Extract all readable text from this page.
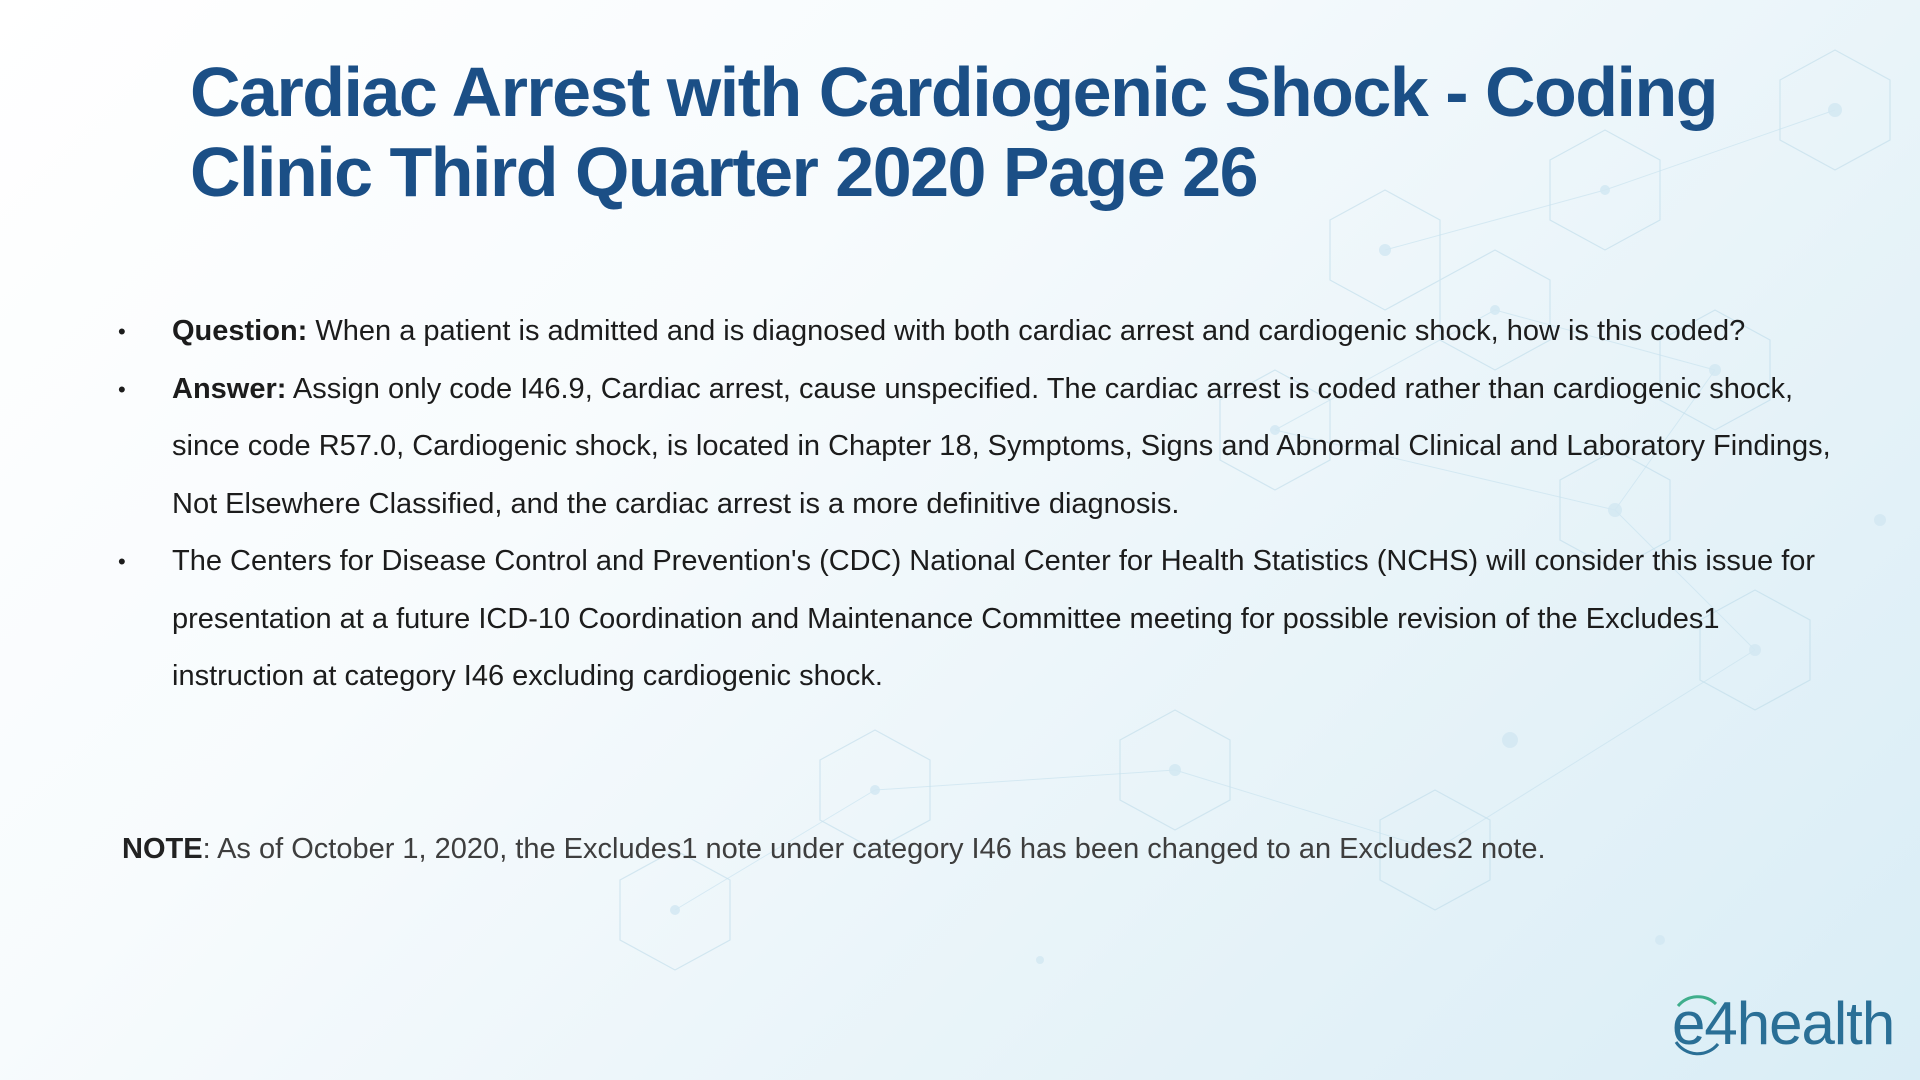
Cardiac Arrest with Cardiogenic Shock - Coding Clinic Third Quarter 2020 Page 26
•	Question: When a patient is admitted and is diagnosed with both cardiac arrest and cardiogenic shock, how is this coded?
•	Answer: Assign only code I46.9, Cardiac arrest, cause unspecified. The cardiac arrest is coded rather than cardiogenic shock, since code R57.0, Cardiogenic shock, is located in Chapter 18, Symptoms, Signs and Abnormal Clinical and Laboratory Findings, Not Elsewhere Classified, and the cardiac arrest is a more definitive diagnosis.
•	The Centers for Disease Control and Prevention's (CDC) National Center for Health Statistics (NCHS) will consider this issue for presentation at a future ICD-10 Coordination and Maintenance Committee meeting for possible revision of the Excludes1 instruction at category I46 excluding cardiogenic shock.

NOTE: As of October 1, 2020, the Excludes1 note under category I46 has been changed to an Excludes2 note.

e4health
